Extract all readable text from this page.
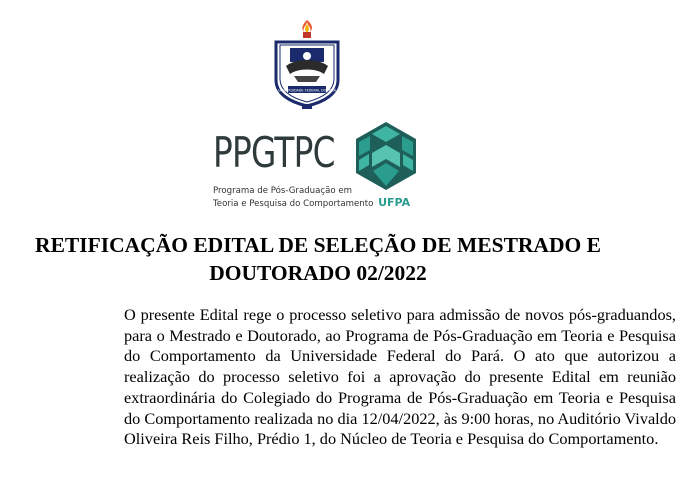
UNIVERSIDADE FEDERAL DO PARÁ
PPGTPC
Programa de Pós-Graduação em
Teoria e Pesquisa do Comportamento UFPA
RETIFICAÇÃO EDITAL DE SELEÇÃO DE MESTRADO E DOUTORADO 02/2022

O presente Edital rege o processo seletivo para admissão de novos pós-graduandos, para o Mestrado e Doutorado, ao Programa de Pós-Graduação em Teoria e Pesquisa do Comportamento da Universidade Federal do Pará. O ato que autorizou a realização do processo seletivo foi a aprovação do presente Edital em reunião extraordinária do Colegiado do Programa de Pós-Graduação em Teoria e Pesquisa do Comportamento realizada no dia 12/04/2022, às 9:00 horas, no Auditório Vivaldo Oliveira Reis Filho, Prédio 1, do Núcleo de Teoria e Pesquisa do Comportamento.
